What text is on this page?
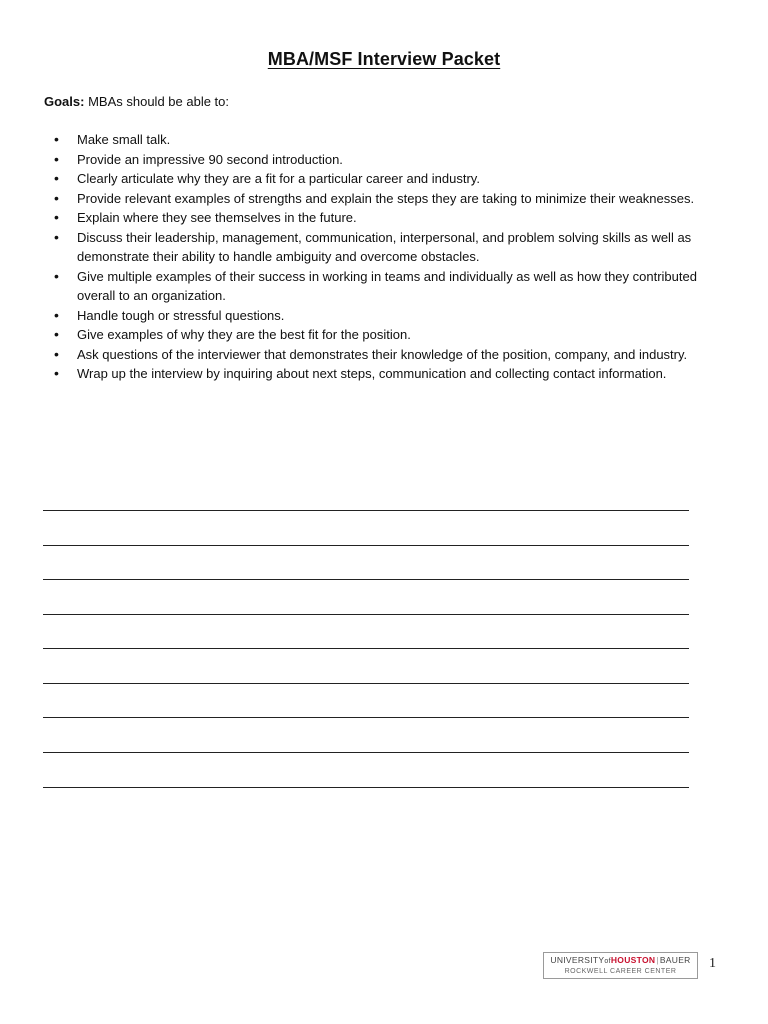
MBA/MSF Interview Packet
Goals: MBAs should be able to:
• Make small talk.
• Provide an impressive 90 second introduction.
• Clearly articulate why they are a fit for a particular career and industry.
• Provide relevant examples of strengths and explain the steps they are taking to minimize their weaknesses.
• Explain where they see themselves in the future.
• Discuss their leadership, management, communication, interpersonal, and problem solving skills as well as demonstrate their ability to handle ambiguity and overcome obstacles.
• Give multiple examples of their success in working in teams and individually as well as how they contributed overall to an organization.
• Handle tough or stressful questions.
• Give examples of why they are the best fit for the position.
• Ask questions of the interviewer that demonstrates their knowledge of the position, company, and industry.
• Wrap up the interview by inquiring about next steps, communication and collecting contact information.
UNIVERSITYofHOUSTON|BAUER
ROCKWELL CAREER CENTER
1
